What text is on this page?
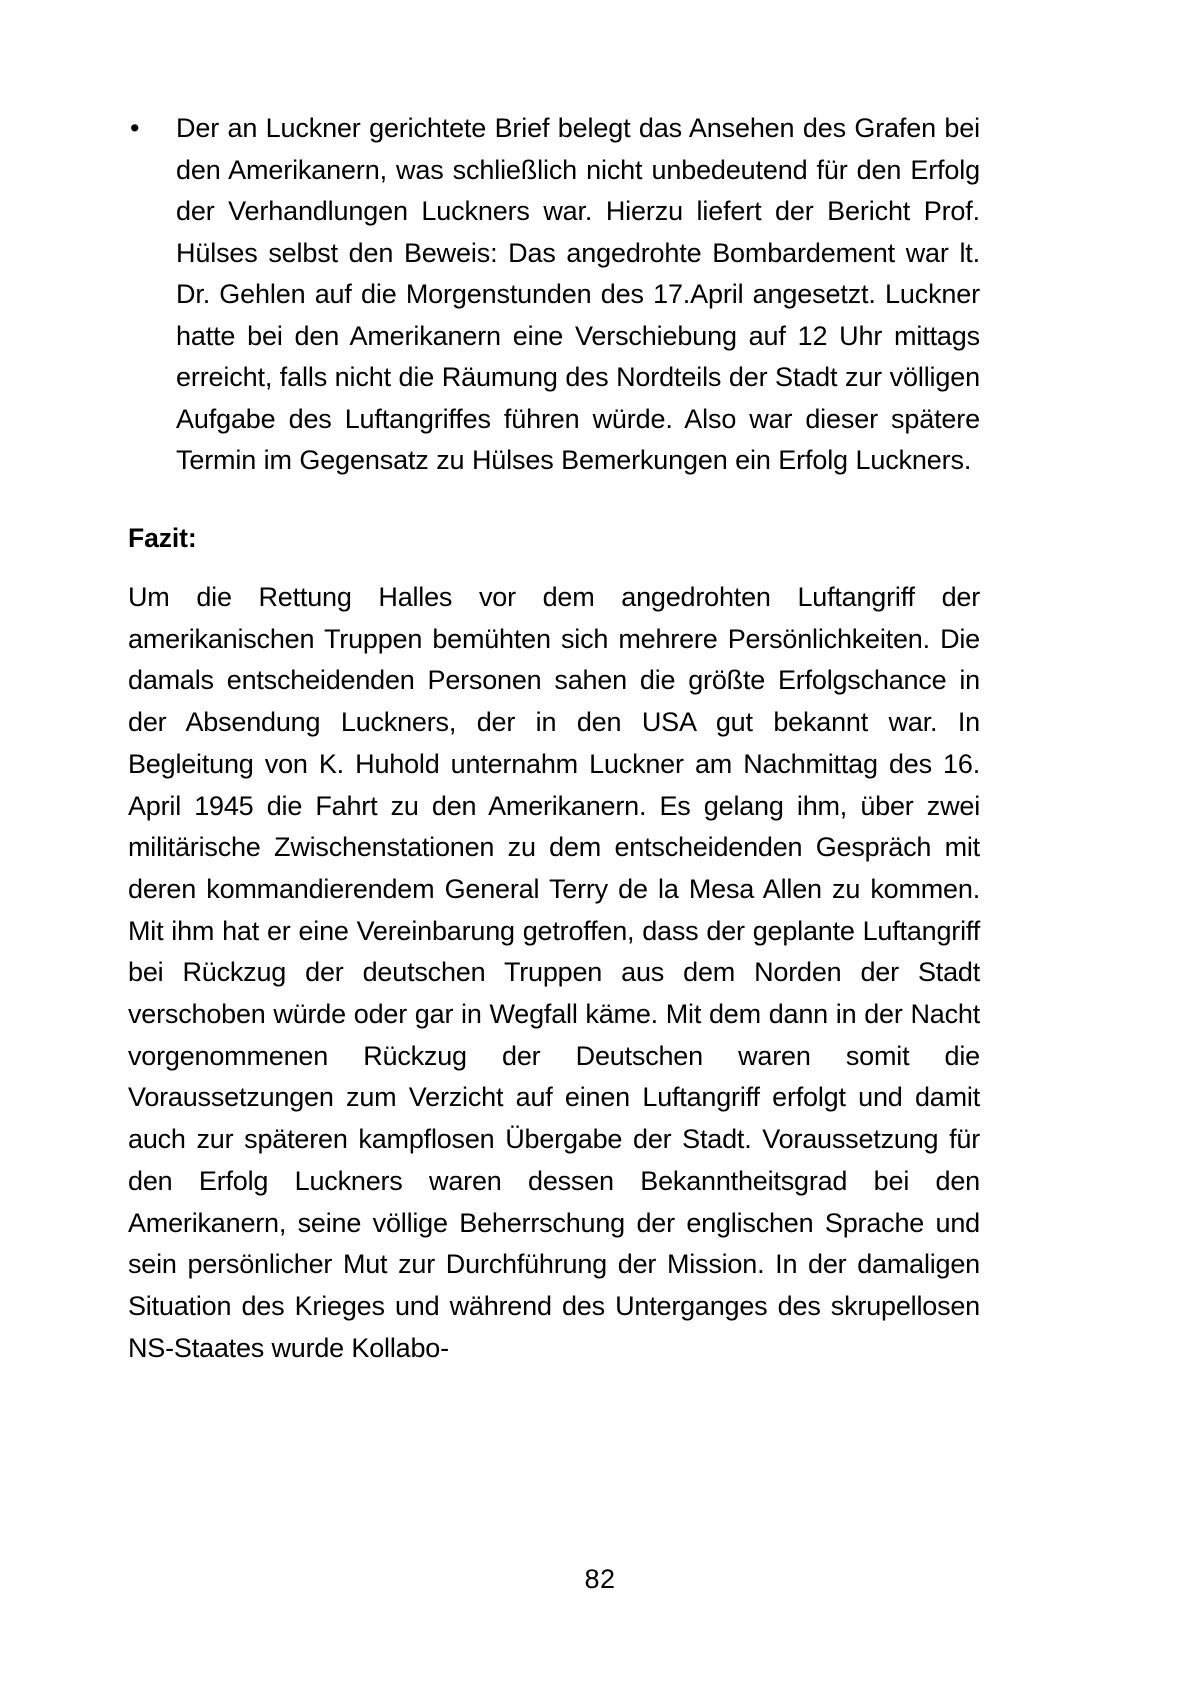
• Der an Luckner gerichtete Brief belegt das Ansehen des Grafen bei den Amerikanern, was schließlich nicht unbedeutend für den Erfolg der Verhandlungen Luckners war. Hierzu liefert der Bericht Prof. Hülses selbst den Beweis: Das angedrohte Bombardement war lt. Dr. Gehlen auf die Morgenstunden des 17.April angesetzt. Luckner hatte bei den Amerikanern eine Verschiebung auf 12 Uhr mittags erreicht, falls nicht die Räumung des Nordteils der Stadt zur völligen Aufgabe des Luftangriffes führen würde. Also war dieser spätere Termin im Gegensatz zu Hülses Bemerkungen ein Erfolg Luckners.
Fazit:

Um die Rettung Halles vor dem angedrohten Luftangriff der amerikanischen Truppen bemühten sich mehrere Persönlichkeiten. Die damals entscheidenden Personen sahen die größte Erfolgschance in der Absendung Luckners, der in den USA gut bekannt war. In Begleitung von K. Huhold unternahm Luckner am Nachmittag des 16. April 1945 die Fahrt zu den Amerikanern. Es gelang ihm, über zwei militärische Zwischenstationen zu dem entscheidenden Gespräch mit deren kommandierendem General Terry de la Mesa Allen zu kommen. Mit ihm hat er eine Vereinbarung getroffen, dass der geplante Luftangriff bei Rückzug der deutschen Truppen aus dem Norden der Stadt verschoben würde oder gar in Wegfall käme. Mit dem dann in der Nacht vorgenommenen Rückzug der Deutschen waren somit die Voraussetzungen zum Verzicht auf einen Luftangriff erfolgt und damit auch zur späteren kampflosen Übergabe der Stadt. Voraussetzung für den Erfolg Luckners waren dessen Bekanntheitsgrad bei den Amerikanern, seine völlige Beherrschung der englischen Sprache und sein persönlicher Mut zur Durchführung der Mission. In der damaligen Situation des Krieges und während des Unterganges des skrupellosen NS-Staates wurde Kollabo-

82
